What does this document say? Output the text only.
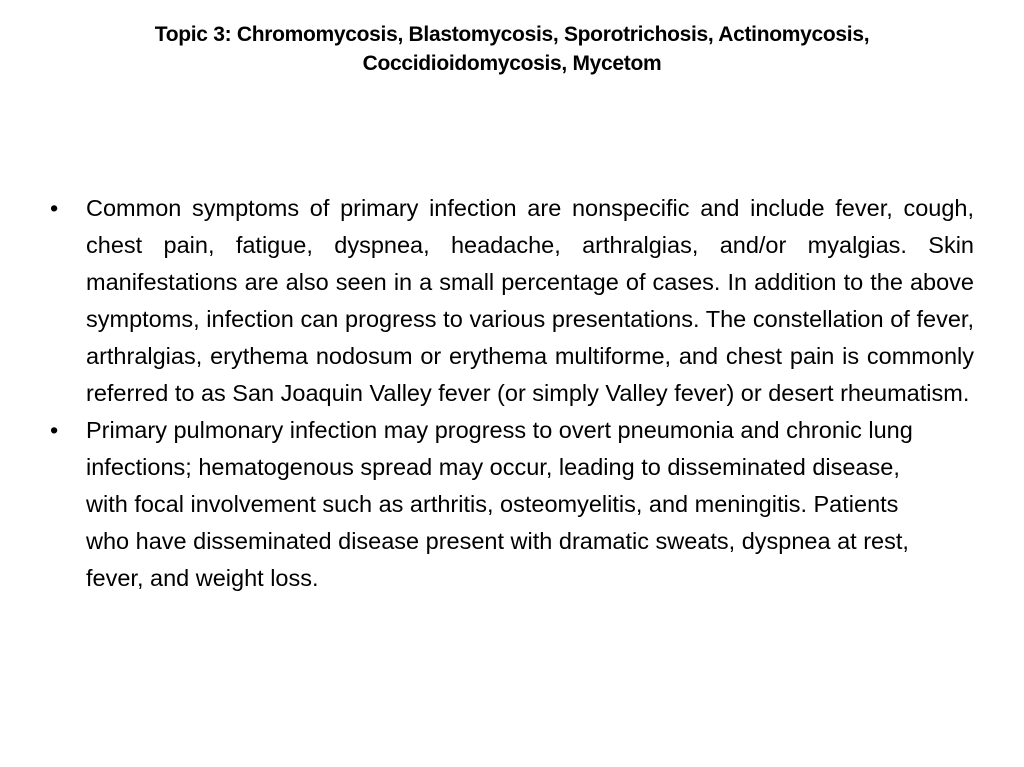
Topic 3: Chromomycosis, Blastomycosis, Sporotrichosis, Actinomycosis,
Coccidioidomycosis, Mycetom
• Common symptoms of primary infection are nonspecific and include fever, cough, chest pain, fatigue, dyspnea, headache, arthralgias, and/or myalgias. Skin manifestations are also seen in a small percentage of cases. In addition to the above symptoms, infection can progress to various presentations. The constellation of fever, arthralgias, erythema nodosum or erythema multiforme, and chest pain is commonly referred to as San Joaquin Valley fever (or simply Valley fever) or desert rheumatism.
• Primary pulmonary infection may progress to overt pneumonia and chronic lung infections; hematogenous spread may occur, leading to disseminated disease, with focal involvement such as arthritis, osteomyelitis, and meningitis. Patients who have disseminated disease present with dramatic sweats, dyspnea at rest, fever, and weight loss.
